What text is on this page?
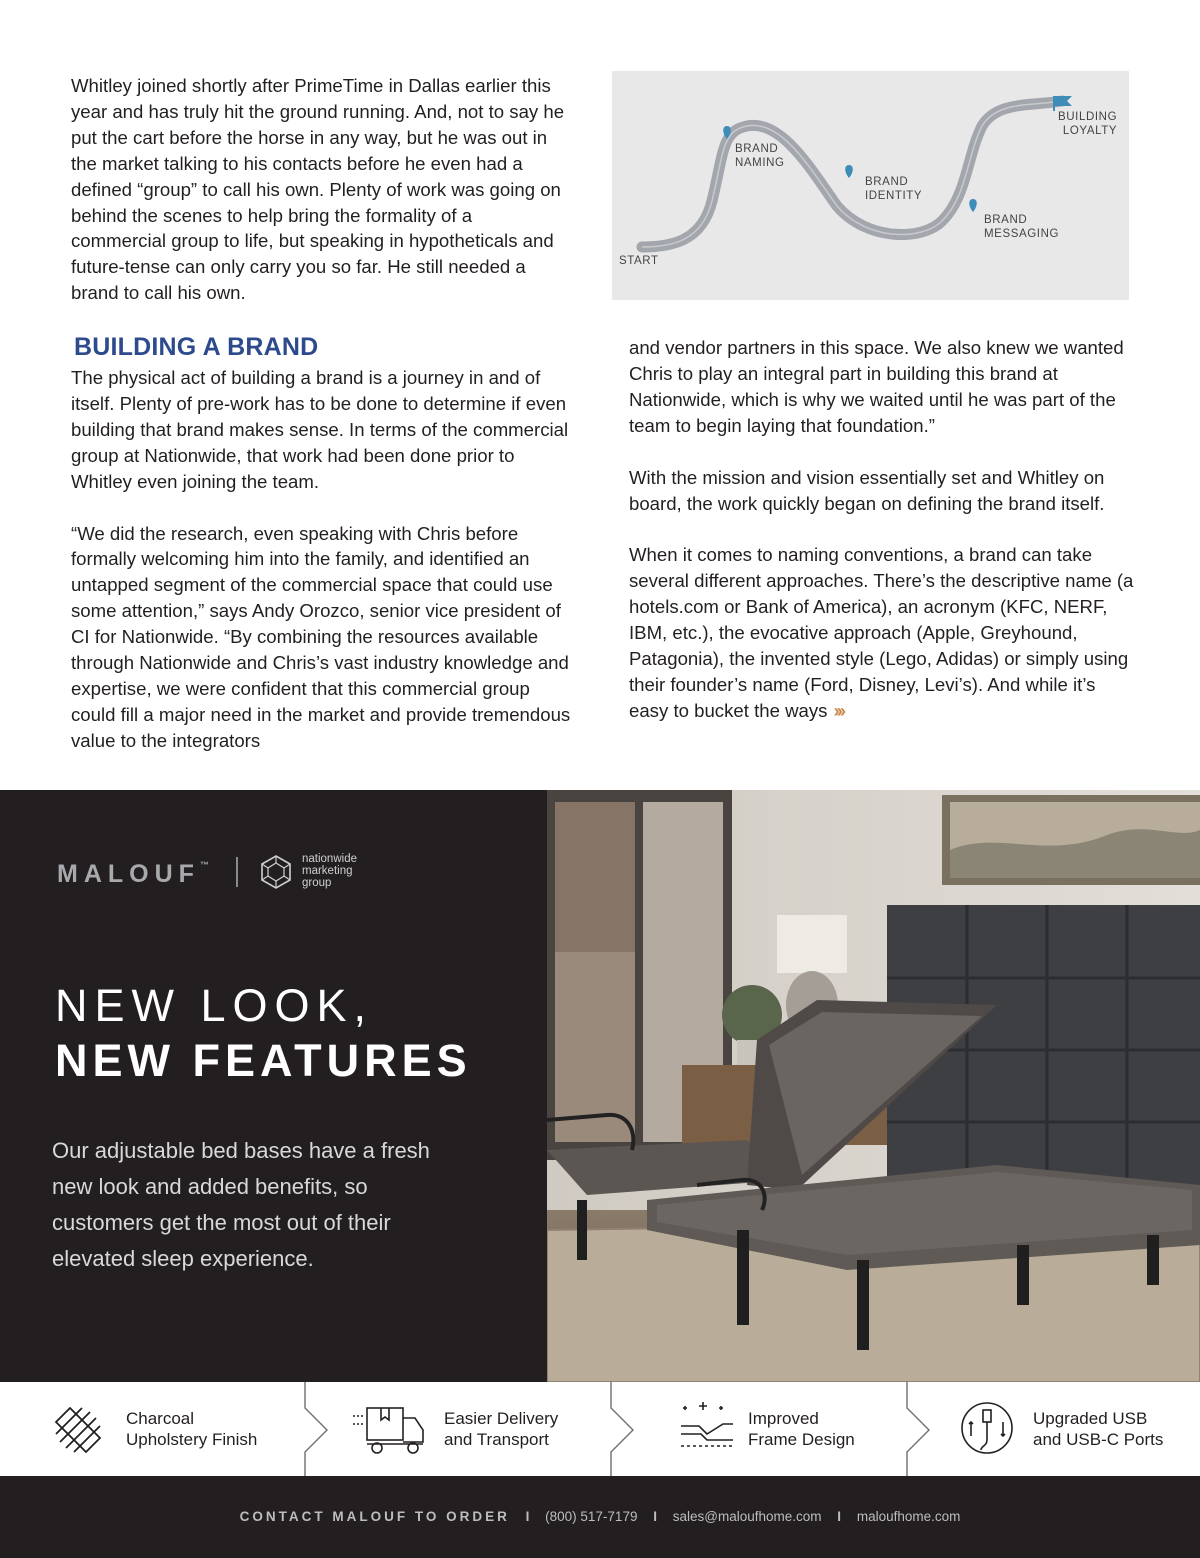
Whitley joined shortly after PrimeTime in Dallas earlier this year and has truly hit the ground running. And, not to say he put the cart before the horse in any way, but he was out in the market talking to his contacts before he even had a defined “group” to call his own. Plenty of work was going on behind the scenes to help bring the formality of a commercial group to life, but speaking in hypotheticals and future-tense can only carry you so far. He still needed a brand to call his own.

START
BRAND
NAMING
BRAND
IDENTITY
BRAND
MESSAGING
BUILDING
LOYALTY
BUILDING A BRAND

The physical act of building a brand is a journey in and of itself. Plenty of pre-work has to be done to determine if even building that brand makes sense. In terms of the commercial group at Nationwide, that work had been done prior to Whitley even joining the team.

“We did the research, even speaking with Chris before formally welcoming him into the family, and identified an untapped segment of the commercial space that could use some attention,” says Andy Orozco, senior vice president of CI for Nationwide. “By combining the resources available through Nationwide and Chris’s vast industry knowledge and expertise, we were confident that this commercial group could fill a major need in the market and provide tremendous value to the integrators

and vendor partners in this space. We also knew we wanted Chris to play an integral part in building this brand at Nationwide, which is why we waited until he was part of the team to begin laying that foundation.”

With the mission and vision essentially set and Whitley on board, the work quickly began on defining the brand itself.

When it comes to naming conventions, a brand can take several different approaches. There’s the descriptive name (a hotels.com or Bank of America), an acronym (KFC, NERF, IBM, etc.), the evocative approach (Apple, Greyhound, Patagonia), the invented style (Lego, Adidas) or simply using their founder’s name (Ford, Disney, Levi’s). And while it’s easy to bucket the ways ›››

MALOUF™	nationwide
marketing
group
NEW LOOK,
NEW FEATURES
Our adjustable bed bases have a fresh new look and added benefits, so customers get the most out of their elevated sleep experience.
Charcoal
Upholstery Finish
Easier Delivery
and Transport
Improved
Frame Design
Upgraded USB
and USB-C Ports
CONTACT MALOUF TO ORDER I (800) 517-7179 I sales@maloufhome.com I maloufhome.com
